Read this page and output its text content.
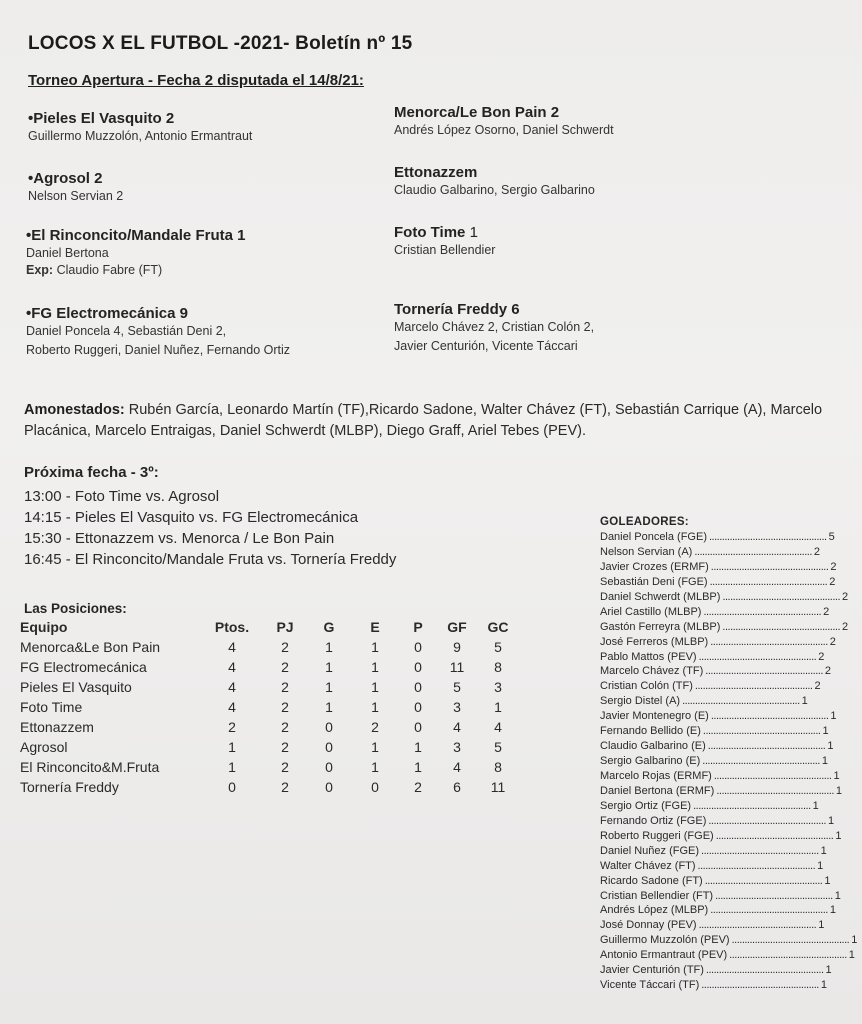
LOCOS X EL FUTBOL -2021- Boletín nº 15
Torneo Apertura - Fecha 2 disputada el 14/8/21:
•Pieles El Vasquito 2
Guillermo Muzzolón, Antonio Ermantraut
Menorca/Le Bon Pain 2
Andrés López Osorno, Daniel Schwerdt
•Agrosol 2
Nelson Servian 2
Ettonazzem
Claudio Galbarino, Sergio Galbarino
•El Rinconcito/Mandale Fruta 1
Daniel Bertona
Exp: Claudio Fabre (FT)
Foto Time 1
Cristian Bellendier
•FG Electromecánica 9
Daniel Poncela 4, Sebastián Deni 2,
Roberto Ruggeri, Daniel Nuñez, Fernando Ortiz
Tornería Freddy 6
Marcelo Chávez 2, Cristian Colón 2,
Javier Centurión, Vicente Táccari
Amonestados: Rubén García, Leonardo Martín (TF),Ricardo Sadone, Walter Chávez (FT), Sebastián Carrique (A), Marcelo Placánica, Marcelo Entraigas, Daniel Schwerdt (MLBP), Diego Graff, Ariel Tebes (PEV).
Próxima fecha - 3º:
13:00 - Foto Time vs. Agrosol
14:15 - Pieles El Vasquito vs. FG Electromecánica
15:30 - Ettonazzem vs. Menorca / Le Bon Pain
16:45 - El Rinconcito/Mandale Fruta vs. Tornería Freddy
Las Posiciones:
Equipo	Ptos.	PJ	G	E	P	GF	GC
Menorca&Le Bon Pain	4	2	1	1	0	9	5
FG Electromecánica	4	2	1	1	0	11	8
Pieles El Vasquito	4	2	1	1	0	5	3
Foto Time	4	2	1	1	0	3	1
Ettonazzem	2	2	0	2	0	4	4
Agrosol	1	2	0	1	1	3	5
El Rinconcito&M.Fruta	1	2	0	1	1	4	8
Tornería Freddy	0	2	0	0	2	6	11
GOLEADORES:
Daniel Poncela (FGE) .............................................. 5
Nelson Servian (A) .............................................. 2
Javier Crozes (ERMF) .............................................. 2
Sebastián Deni (FGE) .............................................. 2
Daniel Schwerdt (MLBP) .............................................. 2
Ariel Castillo (MLBP) .............................................. 2
Gastón Ferreyra (MLBP) .............................................. 2
José Ferreros (MLBP) .............................................. 2
Pablo Mattos (PEV) .............................................. 2
Marcelo Chávez (TF) .............................................. 2
Cristian Colón (TF) .............................................. 2
Sergio Distel (A) .............................................. 1
Javier Montenegro (E) .............................................. 1
Fernando Bellido (E) .............................................. 1
Claudio Galbarino (E) .............................................. 1
Sergio Galbarino (E) .............................................. 1
Marcelo Rojas (ERMF) .............................................. 1
Daniel Bertona (ERMF) .............................................. 1
Sergio Ortiz (FGE) .............................................. 1
Fernando Ortiz (FGE) .............................................. 1
Roberto Ruggeri (FGE) .............................................. 1
Daniel Nuñez (FGE) .............................................. 1
Walter Chávez (FT) .............................................. 1
Ricardo Sadone (FT) .............................................. 1
Cristian Bellendier (FT) .............................................. 1
Andrés López (MLBP) .............................................. 1
José Donnay (PEV) .............................................. 1
Guillermo Muzzolón (PEV) .............................................. 1
Antonio Ermantraut (PEV) .............................................. 1
Javier Centurión (TF) .............................................. 1
Vicente Táccari (TF) .............................................. 1
